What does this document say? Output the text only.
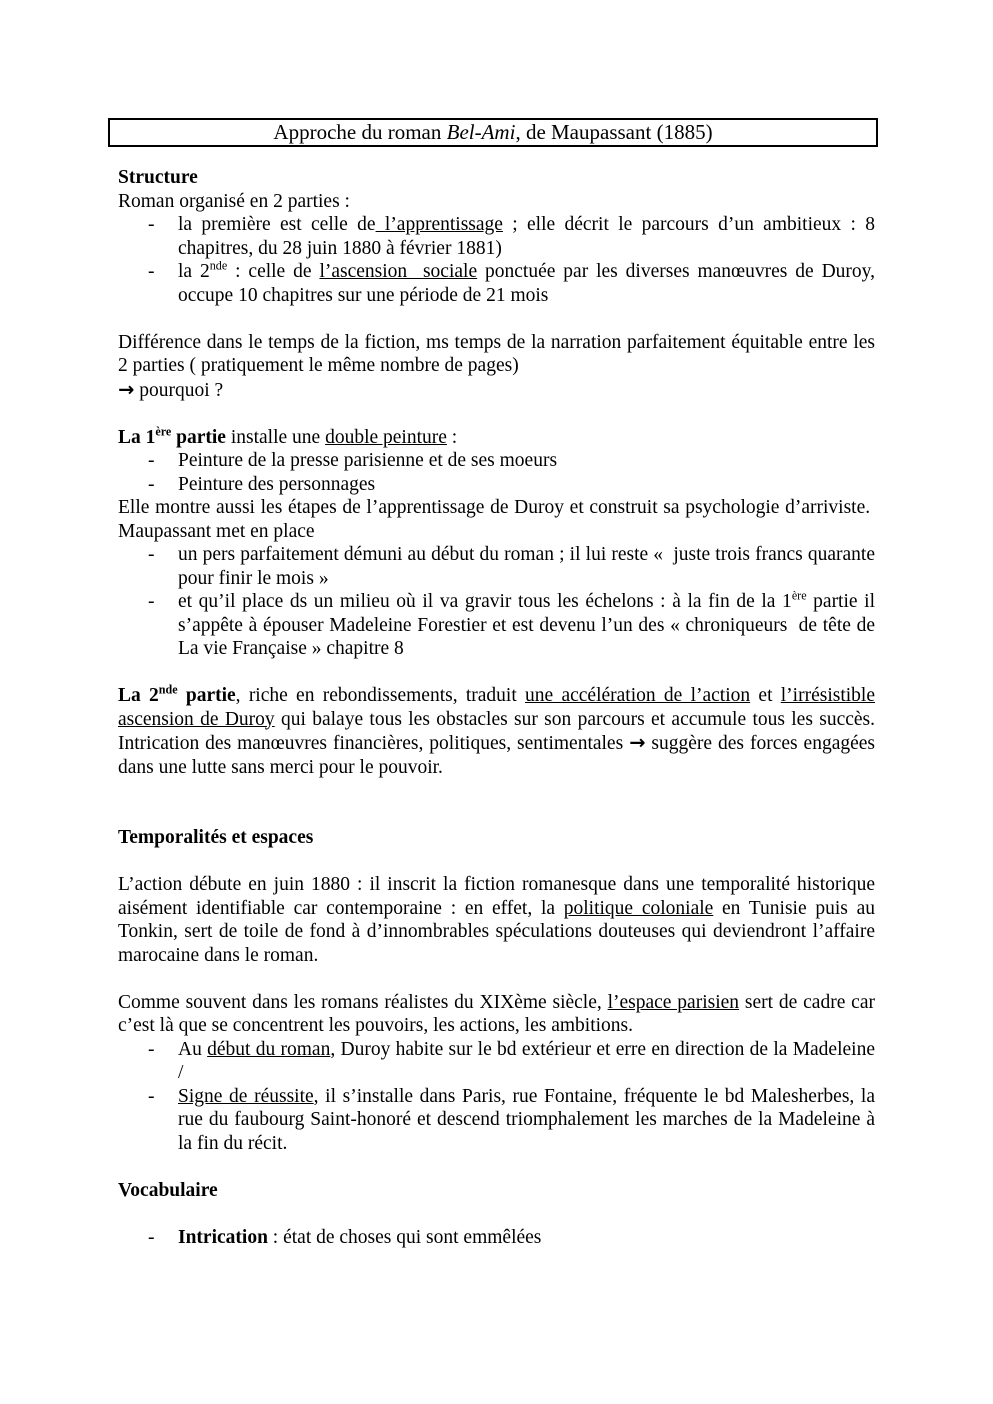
Approche du roman Bel-Ami, de Maupassant (1885)
Structure
Roman organisé en 2 parties :
- la première est celle de l’apprentissage ; elle décrit le parcours d’un ambitieux : 8 chapitres, du 28 juin 1880 à février 1881)
- la 2nde : celle de l’ascension  sociale ponctuée par les diverses manœuvres de Duroy, occupe 10 chapitres sur une période de 21 mois
Différence dans le temps de la fiction, ms temps de la narration parfaitement équitable entre les 2 parties ( pratiquement le même nombre de pages)
→ pourquoi ?
La 1ère partie installe une double peinture :
- Peinture de la presse parisienne et de ses moeurs
- Peinture des personnages
Elle montre aussi les étapes de l’apprentissage de Duroy et construit sa psychologie d’arriviste.  Maupassant met en place
- un pers parfaitement démuni au début du roman ; il lui reste «  juste trois francs quarante pour finir le mois »
- et qu’il place ds un milieu où il va gravir tous les échelons : à la fin de la 1ère partie il s’appête à épouser Madeleine Forestier et est devenu l’un des « chroniqueurs  de tête de La vie Française » chapitre 8
La 2nde partie, riche en rebondissements, traduit une accélération de l’action et l’irrésistible ascension de Duroy qui balaye tous les obstacles sur son parcours et accumule tous les succès. Intrication des manœuvres financières, politiques, sentimentales → suggère des forces engagées dans une lutte sans merci pour le pouvoir.
Temporalités et espaces
L’action débute en juin 1880 : il inscrit la fiction romanesque dans une temporalité historique aisément identifiable car contemporaine : en effet, la politique coloniale en Tunisie puis au Tonkin, sert de toile de fond à d’innombrables spéculations douteuses qui deviendront l’affaire marocaine dans le roman.
Comme souvent dans les romans réalistes du XIXème siècle, l’espace parisien sert de cadre car c’est là que se concentrent les pouvoirs, les actions, les ambitions.
- Au début du roman, Duroy habite sur le bd extérieur et erre en direction de la Madeleine /
- Signe de réussite, il s’installe dans Paris, rue Fontaine, fréquente le bd Malesherbes, la rue du faubourg Saint-honoré et descend triomphalement les marches de la Madeleine à la fin du récit.
Vocabulaire
- Intrication : état de choses qui sont emmêlées
